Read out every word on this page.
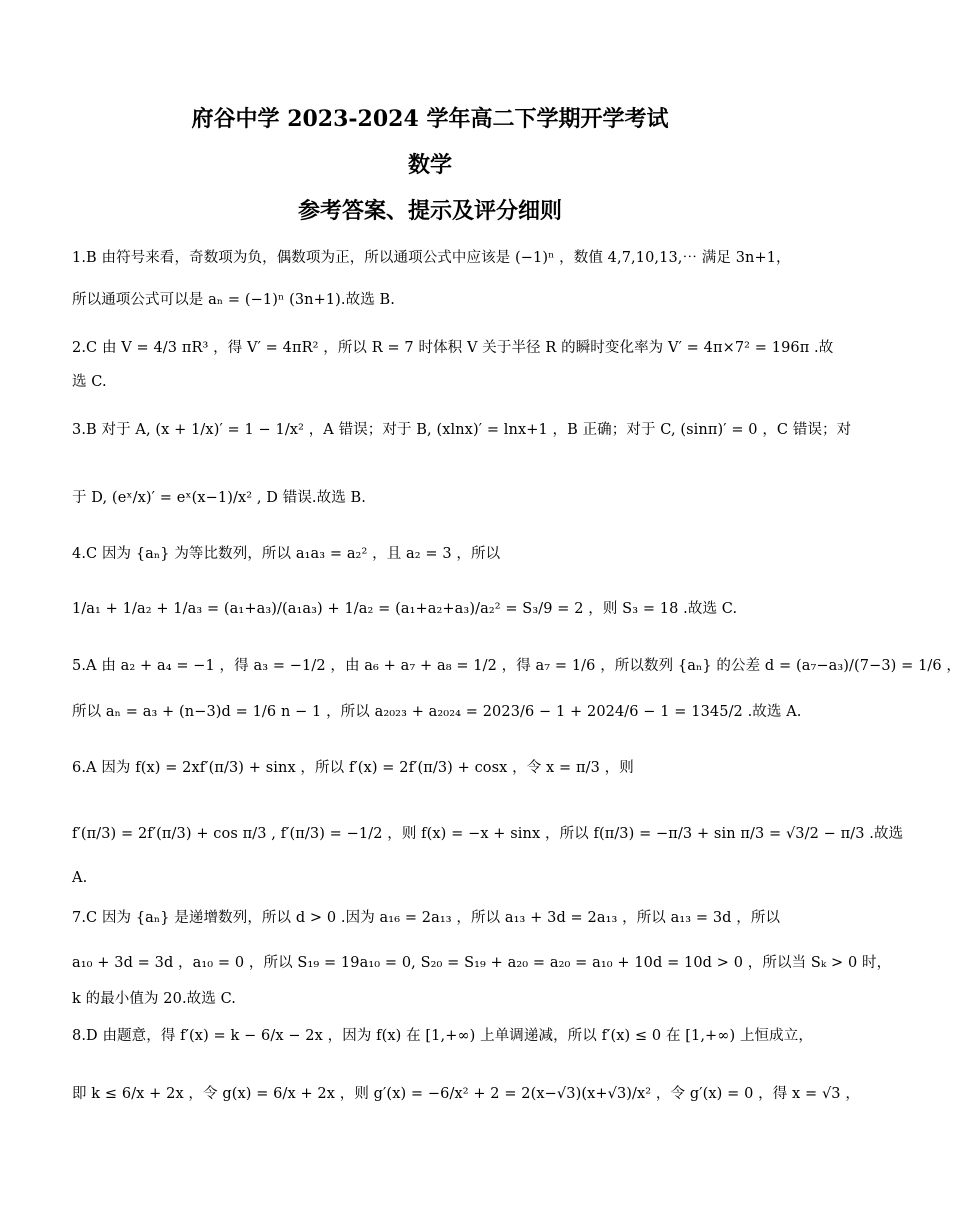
府谷中学 2023-2024 学年高二下学期开学考试
数学
参考答案、提示及评分细则
1.B 由符号来看，奇数项为负，偶数项为正，所以通项公式中应该是 (−1)ⁿ ，数值 4,7,10,13,⋯ 满足 3n+1，
所以通项公式可以是 aₙ = (−1)ⁿ (3n+1).故选 B.
2.C 由 V = 4/3 πR³ ，得 V′ = 4πR² ，所以 R = 7 时体积 V 关于半径 R 的瞬时变化率为 V′ = 4π×7² = 196π .故
选 C.
3.B 对于 A, (x + 1/x)′ = 1 − 1/x² ，A 错误；对于 B, (xlnx)′ = lnx+1 ，B 正确；对于 C, (sinπ)′ = 0 ，C 错误；对
于 D, (eˣ/x)′ = eˣ(x−1)/x² , D 错误.故选 B.
4.C 因为 {aₙ} 为等比数列，所以 a₁a₃ = a₂² ，且 a₂ = 3 ，所以
1/a₁ + 1/a₂ + 1/a₃ = (a₁+a₃)/(a₁a₃) + 1/a₂ = (a₁+a₂+a₃)/a₂² = S₃/9 = 2 ，则 S₃ = 18 .故选 C.
5.A 由 a₂ + a₄ = −1 ，得 a₃ = −1/2 ，由 a₆ + a₇ + a₈ = 1/2 ，得 a₇ = 1/6 ，所以数列 {aₙ} 的公差 d = (a₇−a₃)/(7−3) = 1/6 ，
所以 aₙ = a₃ + (n−3)d = 1/6 n − 1 ，所以 a₂₀₂₃ + a₂₀₂₄ = 2023/6 − 1 + 2024/6 − 1 = 1345/2 .故选 A.
6.A 因为 f(x) = 2xf′(π/3) + sinx ，所以 f′(x) = 2f′(π/3) + cosx ，令 x = π/3 ，则
f′(π/3) = 2f′(π/3) + cos π/3 , f′(π/3) = −1/2 ，则 f(x) = −x + sinx ，所以 f(π/3) = −π/3 + sin π/3 = √3/2 − π/3 .故选
A.
7.C 因为 {aₙ} 是递增数列，所以 d > 0 .因为 a₁₆ = 2a₁₃ ，所以 a₁₃ + 3d = 2a₁₃ ，所以 a₁₃ = 3d ，所以
a₁₀ + 3d = 3d ，a₁₀ = 0 ，所以 S₁₉ = 19a₁₀ = 0, S₂₀ = S₁₉ + a₂₀ = a₂₀ = a₁₀ + 10d = 10d > 0 ，所以当 Sₖ > 0 时，
k 的最小值为 20.故选 C.
8.D 由题意，得 f′(x) = k − 6/x − 2x ，因为 f(x) 在 [1,+∞) 上单调递减，所以 f′(x) ≤ 0 在 [1,+∞) 上恒成立，
即 k ≤ 6/x + 2x ，令 g(x) = 6/x + 2x ，则 g′(x) = −6/x² + 2 = 2(x−√3)(x+√3)/x² ，令 g′(x) = 0 ，得 x = √3 ，
